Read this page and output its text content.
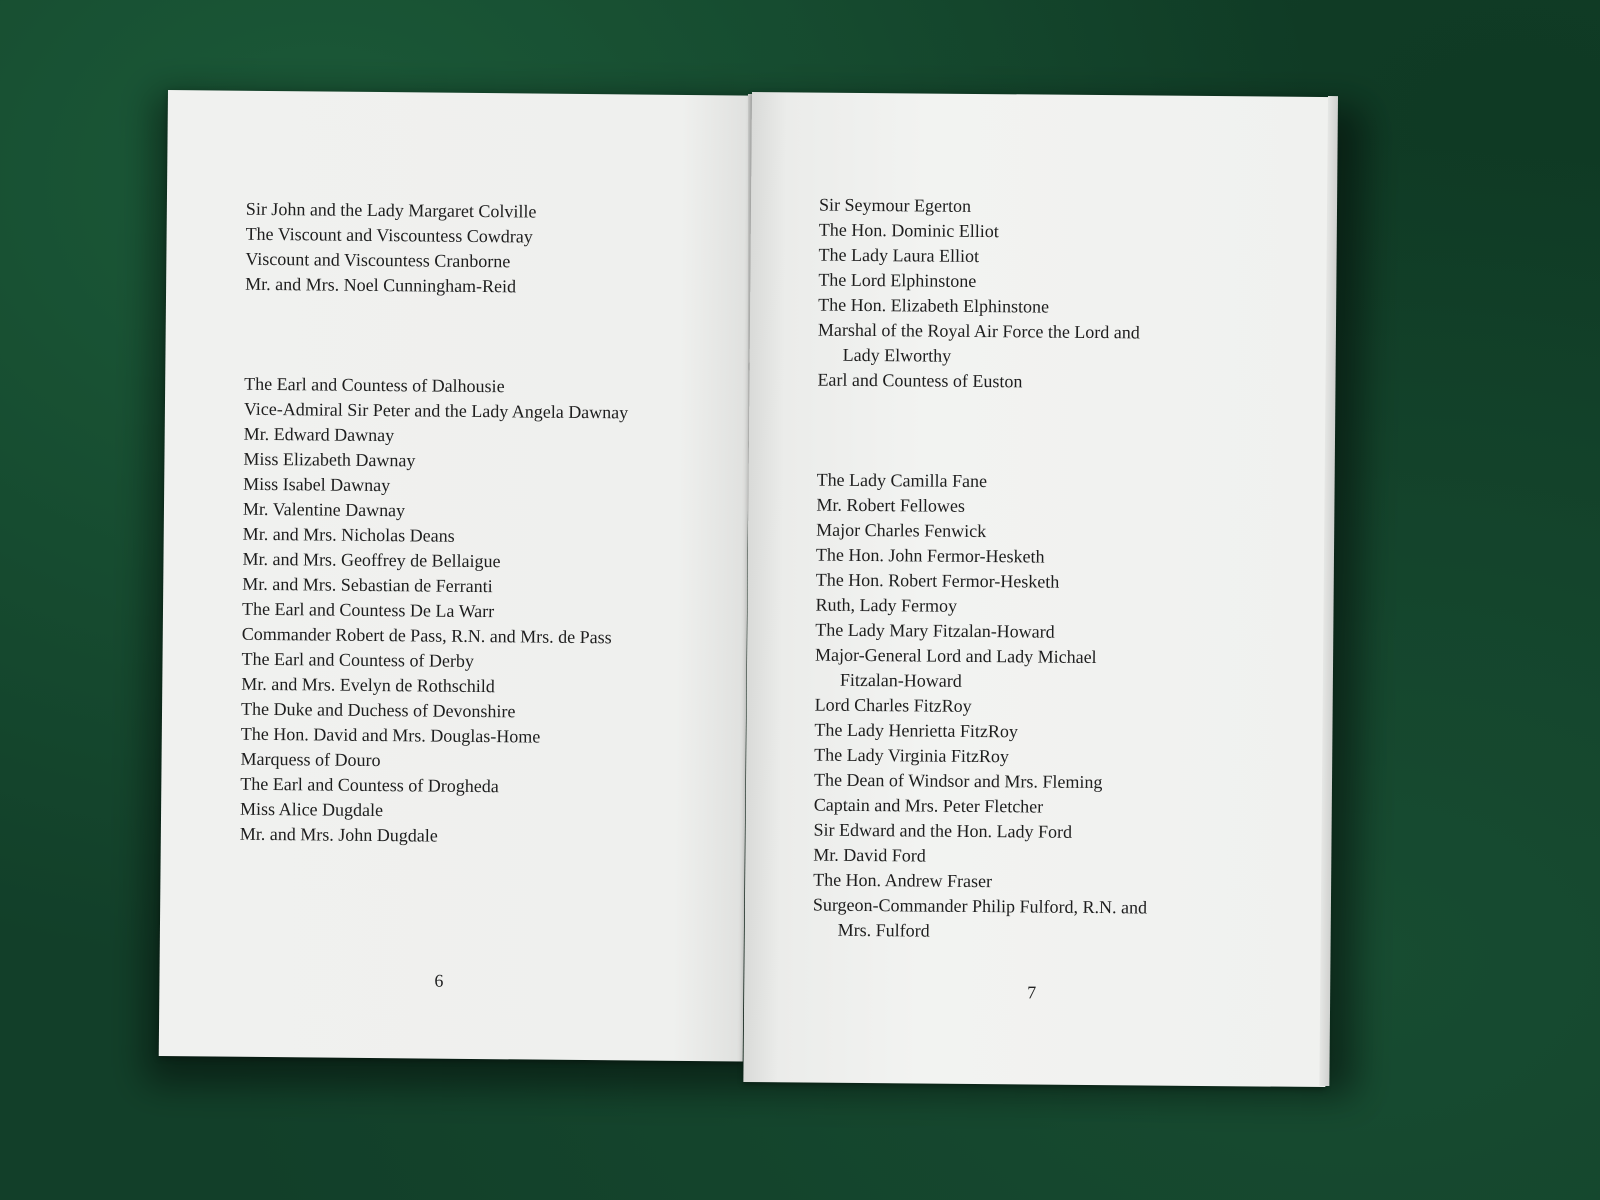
Sir John and the Lady Margaret Colville
The Viscount and Viscountess Cowdray
Viscount and Viscountess Cranborne
Mr. and Mrs. Noel Cunningham-Reid
The Earl and Countess of Dalhousie
Vice-Admiral Sir Peter and the Lady Angela Dawnay
Mr. Edward Dawnay
Miss Elizabeth Dawnay
Miss Isabel Dawnay
Mr. Valentine Dawnay
Mr. and Mrs. Nicholas Deans
Mr. and Mrs. Geoffrey de Bellaigue
Mr. and Mrs. Sebastian de Ferranti
The Earl and Countess De La Warr
Commander Robert de Pass, R.N. and Mrs. de Pass
The Earl and Countess of Derby
Mr. and Mrs. Evelyn de Rothschild
The Duke and Duchess of Devonshire
The Hon. David and Mrs. Douglas-Home
Marquess of Douro
The Earl and Countess of Drogheda
Miss Alice Dugdale
Mr. and Mrs. John Dugdale
6
Sir Seymour Egerton
The Hon. Dominic Elliot
The Lady Laura Elliot
The Lord Elphinstone
The Hon. Elizabeth Elphinstone
Marshal of the Royal Air Force the Lord and
Lady Elworthy
Earl and Countess of Euston
The Lady Camilla Fane
Mr. Robert Fellowes
Major Charles Fenwick
The Hon. John Fermor-Hesketh
The Hon. Robert Fermor-Hesketh
Ruth, Lady Fermoy
The Lady Mary Fitzalan-Howard
Major-General Lord and Lady Michael
Fitzalan-Howard
Lord Charles FitzRoy
The Lady Henrietta FitzRoy
The Lady Virginia FitzRoy
The Dean of Windsor and Mrs. Fleming
Captain and Mrs. Peter Fletcher
Sir Edward and the Hon. Lady Ford
Mr. David Ford
The Hon. Andrew Fraser
Surgeon-Commander Philip Fulford, R.N. and
Mrs. Fulford
7
